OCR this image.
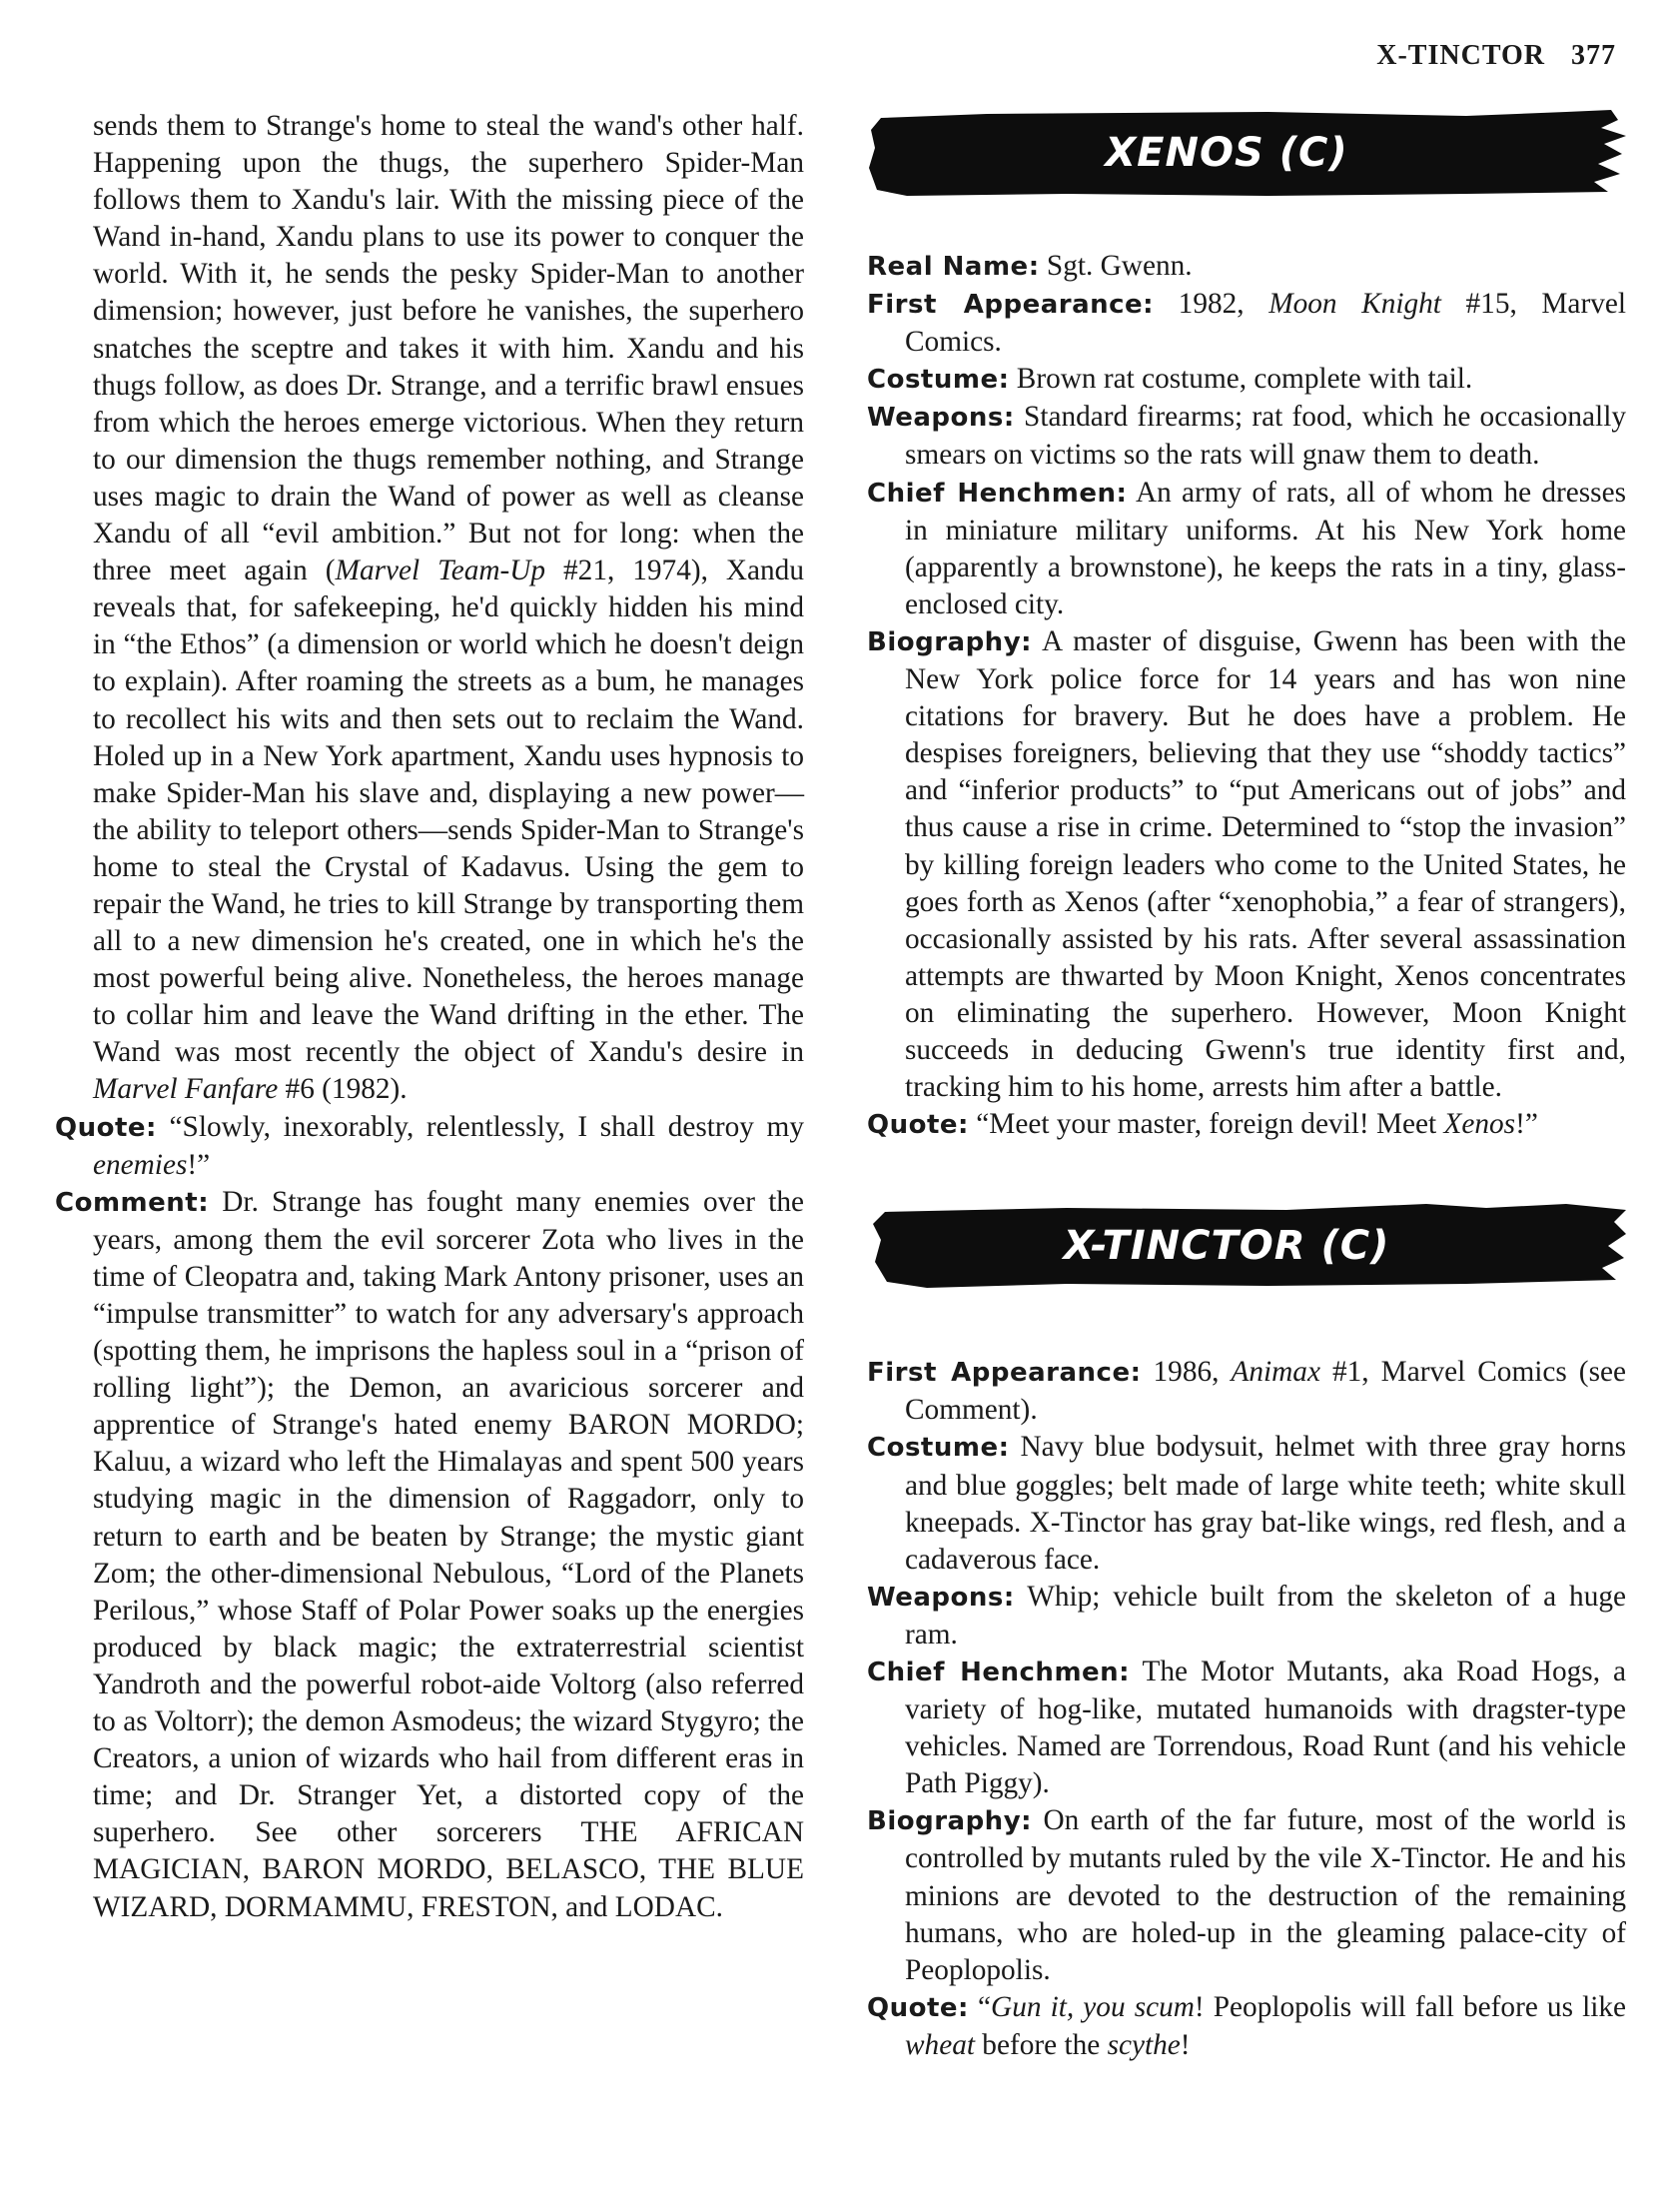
X-TINCTOR 377

sends them to Strange's home to steal the wand's other half. Happening upon the thugs, the superhero Spider-Man follows them to Xandu's lair. With the missing piece of the Wand in-hand, Xandu plans to use its power to conquer the world. With it, he sends the pesky Spider-Man to another dimension; however, just before he vanishes, the superhero snatches the sceptre and takes it with him. Xandu and his thugs follow, as does Dr. Strange, and a terrific brawl ensues from which the heroes emerge victorious. When they return to our dimension the thugs remember nothing, and Strange uses magic to drain the Wand of power as well as cleanse Xandu of all “evil ambition.” But not for long: when the three meet again (Marvel Team-Up #21, 1974), Xandu reveals that, for safekeeping, he'd quickly hidden his mind in “the Ethos” (a dimension or world which he doesn't deign to explain). After roaming the streets as a bum, he manages to recollect his wits and then sets out to reclaim the Wand. Holed up in a New York apartment, Xandu uses hypnosis to make Spider-Man his slave and, displaying a new power—the ability to teleport others—sends Spider-Man to Strange's home to steal the Crystal of Kadavus. Using the gem to repair the Wand, he tries to kill Strange by transporting them all to a new dimension he's created, one in which he's the most powerful being alive. Nonetheless, the heroes manage to collar him and leave the Wand drifting in the ether. The Wand was most recently the object of Xandu's desire in Marvel Fanfare #6 (1982).

Quote: “Slowly, inexorably, relentlessly, I shall destroy my enemies!”

Comment: Dr. Strange has fought many enemies over the years, among them the evil sorcerer Zota who lives in the time of Cleopatra and, taking Mark Antony prisoner, uses an “impulse transmitter” to watch for any adversary's approach (spotting them, he imprisons the hapless soul in a “prison of rolling light”); the Demon, an avaricious sorcerer and apprentice of Strange's hated enemy BARON MORDO; Kaluu, a wizard who left the Himalayas and spent 500 years studying magic in the dimension of Raggadorr, only to return to earth and be beaten by Strange; the mystic giant Zom; the other-dimensional Nebulous, “Lord of the Planets Perilous,” whose Staff of Polar Power soaks up the energies produced by black magic; the extraterrestrial scientist Yandroth and the powerful robot-aide Voltorg (also referred to as Voltorr); the demon Asmodeus; the wizard Stygyro; the Creators, a union of wizards who hail from different eras in time; and Dr. Stranger Yet, a distorted copy of the superhero. See other sorcerers THE AFRICAN MAGICIAN, BARON MORDO, BELASCO, THE BLUE WIZARD, DORMAMMU, FRESTON, and LODAC.

XENOS (C)

Real Name: Sgt. Gwenn.

First Appearance: 1982, Moon Knight #15, Marvel Comics.

Costume: Brown rat costume, complete with tail.

Weapons: Standard firearms; rat food, which he occasionally smears on victims so the rats will gnaw them to death.

Chief Henchmen: An army of rats, all of whom he dresses in miniature military uniforms. At his New York home (apparently a brownstone), he keeps the rats in a tiny, glass-enclosed city.

Biography: A master of disguise, Gwenn has been with the New York police force for 14 years and has won nine citations for bravery. But he does have a problem. He despises foreigners, believing that they use “shoddy tactics” and “inferior products” to “put Americans out of jobs” and thus cause a rise in crime. Determined to “stop the invasion” by killing foreign leaders who come to the United States, he goes forth as Xenos (after “xenophobia,” a fear of strangers), occasionally assisted by his rats. After several assassination attempts are thwarted by Moon Knight, Xenos concentrates on eliminating the superhero. However, Moon Knight succeeds in deducing Gwenn's true identity first and, tracking him to his home, arrests him after a battle.

Quote: “Meet your master, foreign devil! Meet Xenos!”

X-TINCTOR (C)

First Appearance: 1986, Animax #1, Marvel Comics (see Comment).

Costume: Navy blue bodysuit, helmet with three gray horns and blue goggles; belt made of large white teeth; white skull kneepads. X-Tinctor has gray bat-like wings, red flesh, and a cadaverous face.

Weapons: Whip; vehicle built from the skeleton of a huge ram.

Chief Henchmen: The Motor Mutants, aka Road Hogs, a variety of hog-like, mutated humanoids with dragster-type vehicles. Named are Torrendous, Road Runt (and his vehicle Path Piggy).

Biography: On earth of the far future, most of the world is controlled by mutants ruled by the vile X-Tinctor. He and his minions are devoted to the destruction of the remaining humans, who are holed-up in the gleaming palace-city of Peoplopolis.

Quote: “Gun it, you scum! Peoplopolis will fall before us like wheat before the scythe!
